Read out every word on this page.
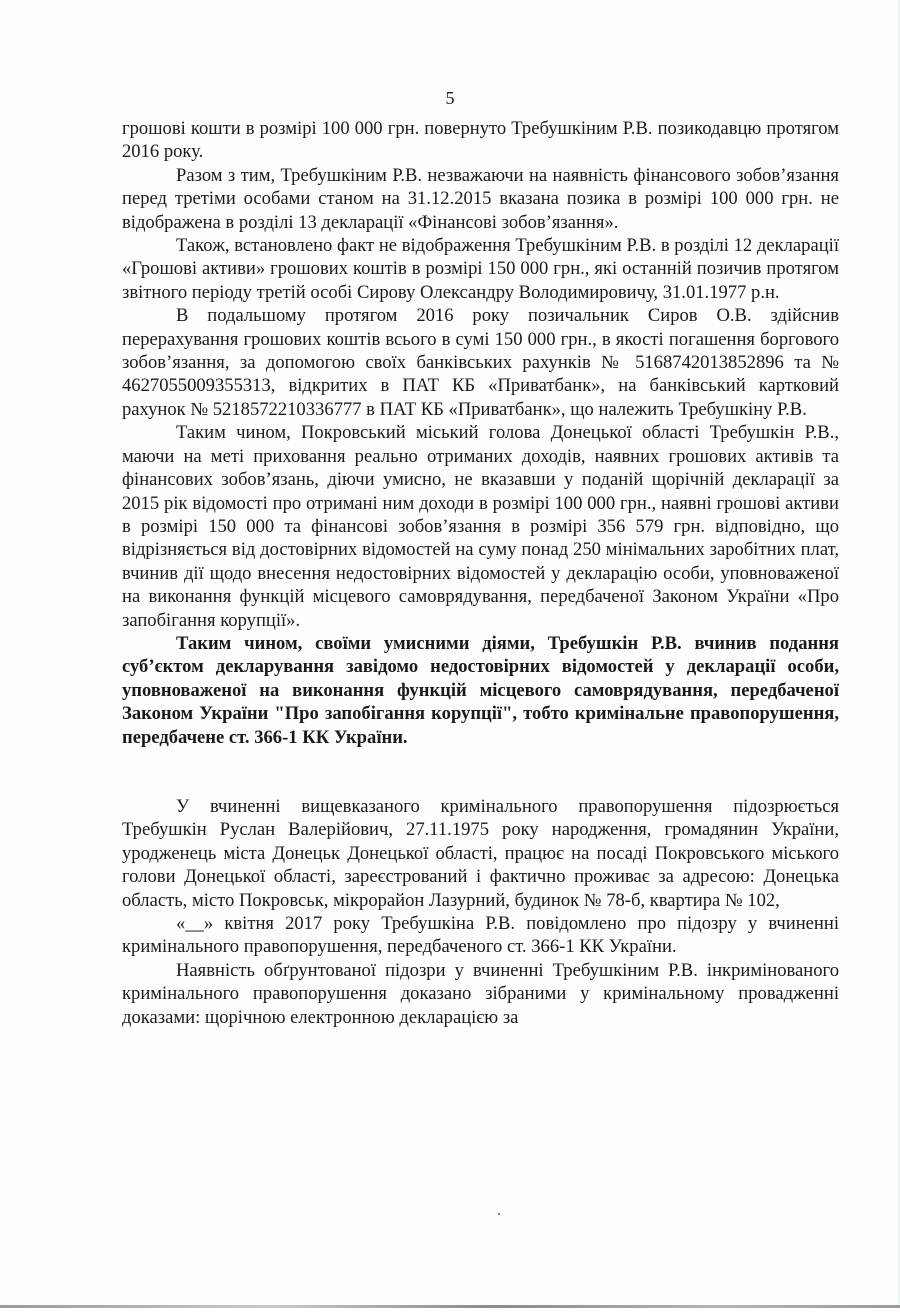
5

грошові кошти в розмірі 100 000 грн. повернуто Требушкіним Р.В. позикодавцю протягом 2016 року.

Разом з тим, Требушкіним Р.В. незважаючи на наявність фінансового зобов’язання перед третіми особами станом на 31.12.2015 вказана позика в розмірі 100 000 грн. не відображена в розділі 13 декларації «Фінансові зобов’язання».

Також, встановлено факт не відображення Требушкіним Р.В. в розділі 12 декларації «Грошові активи» грошових коштів в розмірі 150 000 грн., які останній позичив протягом звітного періоду третій особі Сирову Олександру Володимировичу, 31.01.1977 р.н.

В подальшому протягом 2016 року позичальник Сиров О.В. здійснив перерахування грошових коштів всього в сумі 150 000 грн., в якості погашення боргового зобов’язання, за допомогою своїх банківських рахунків № 5168742013852896 та № 4627055009355313, відкритих в ПАТ КБ «Приватбанк», на банківський картковий рахунок № 5218572210336777 в ПАТ КБ «Приватбанк», що належить Требушкіну Р.В.

Таким чином, Покровський міський голова Донецької області Требушкін Р.В., маючи на меті приховання реально отриманих доходів, наявних грошових активів та фінансових зобов’язань, діючи умисно, не вказавши у поданій щорічній декларації за 2015 рік відомості про отримані ним доходи в розмірі 100 000 грн., наявні грошові активи в розмірі 150 000 та фінансові зобов’язання в розмірі 356 579 грн. відповідно, що відрізняється від достовірних відомостей на суму понад 250 мінімальних заробітних плат, вчинив дії щодо внесення недостовірних відомостей у декларацію особи, уповноваженої на виконання функцій місцевого самоврядування, передбаченої Законом України «Про запобігання корупції».

Таким чином, своїми умисними діями, Требушкін Р.В. вчинив подання суб’єктом декларування завідомо недостовірних відомостей у декларації особи, уповноваженої на виконання функцій місцевого самоврядування, передбаченої Законом України "Про запобігання корупції", тобто кримінальне правопорушення, передбачене ст. 366-1 КК України.

У вчиненні вищевказаного кримінального правопорушення підозрюється Требушкін Руслан Валерійович, 27.11.1975 року народження, громадянин України, уродженець міста Донецьк Донецької області, працює на посаді Покровського міського голови Донецької області, зареєстрований і фактично проживає за адресою: Донецька область, місто Покровськ, мікрорайон Лазурний, будинок № 78-б, квартира № 102,

«__» квітня 2017 року Требушкіна Р.В. повідомлено про підозру у вчиненні кримінального правопорушення, передбаченого ст. 366-1 КК України.

Наявність обґрунтованої підозри у вчиненні Требушкіним Р.В. інкримінованого кримінального правопорушення доказано зібраними у кримінальному провадженні доказами: щорічною електронною декларацією за
